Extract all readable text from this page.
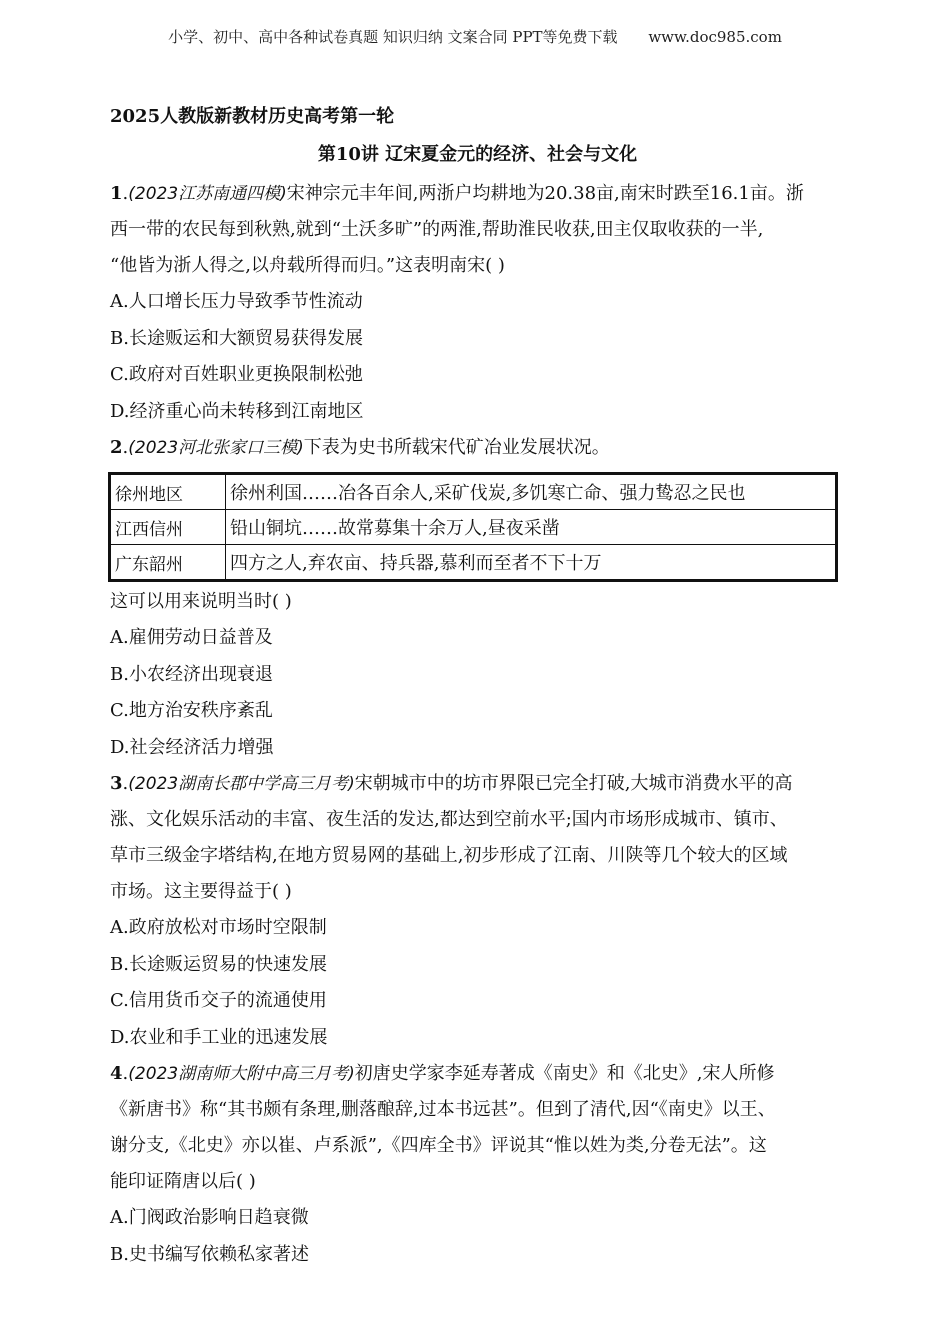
小学、初中、高中各种试卷真题 知识归纳 文案合同 PPT等免费下载 www.doc985.com

2025人教版新教材历史高考第一轮

第10讲 辽宋夏金元的经济、社会与文化

1.(2023江苏南通四模)宋神宗元丰年间,两浙户均耕地为20.38亩,南宋时跌至16.1亩。浙

西一带的农民每到秋熟,就到“土沃多旷”的两淮,帮助淮民收获,田主仅取收获的一半,

“他皆为浙人得之,以舟载所得而归。”这表明南宋( )

A.人口增长压力导致季节性流动

B.长途贩运和大额贸易获得发展

C.政府对百姓职业更换限制松弛

D.经济重心尚未转移到江南地区

2.(2023河北张家口三模)下表为史书所载宋代矿冶业发展状况。

徐州地区	徐州利国……冶各百余人,采矿伐炭,多饥寒亡命、强力鸷忍之民也
江西信州	铅山铜坑……故常募集十余万人,昼夜采凿
广东韶州	四方之人,弃农亩、持兵器,慕利而至者不下十万

这可以用来说明当时( )

A.雇佣劳动日益普及

B.小农经济出现衰退

C.地方治安秩序紊乱

D.社会经济活力增强

3.(2023湖南长郡中学高三月考)宋朝城市中的坊市界限已完全打破,大城市消费水平的高

涨、文化娱乐活动的丰富、夜生活的发达,都达到空前水平;国内市场形成城市、镇市、

草市三级金字塔结构,在地方贸易网的基础上,初步形成了江南、川陕等几个较大的区域

市场。这主要得益于( )

A.政府放松对市场时空限制

B.长途贩运贸易的快速发展

C.信用货币交子的流通使用

D.农业和手工业的迅速发展

4.(2023湖南师大附中高三月考)初唐史学家李延寿著成《南史》和《北史》,宋人所修

《新唐书》称“其书颇有条理,删落酿辞,过本书远甚”。但到了清代,因“《南史》以王、

谢分支,《北史》亦以崔、卢系派”,《四库全书》评说其“惟以姓为类,分卷无法”。这

能印证隋唐以后( )

A.门阀政治影响日趋衰微

B.史书编写依赖私家著述
